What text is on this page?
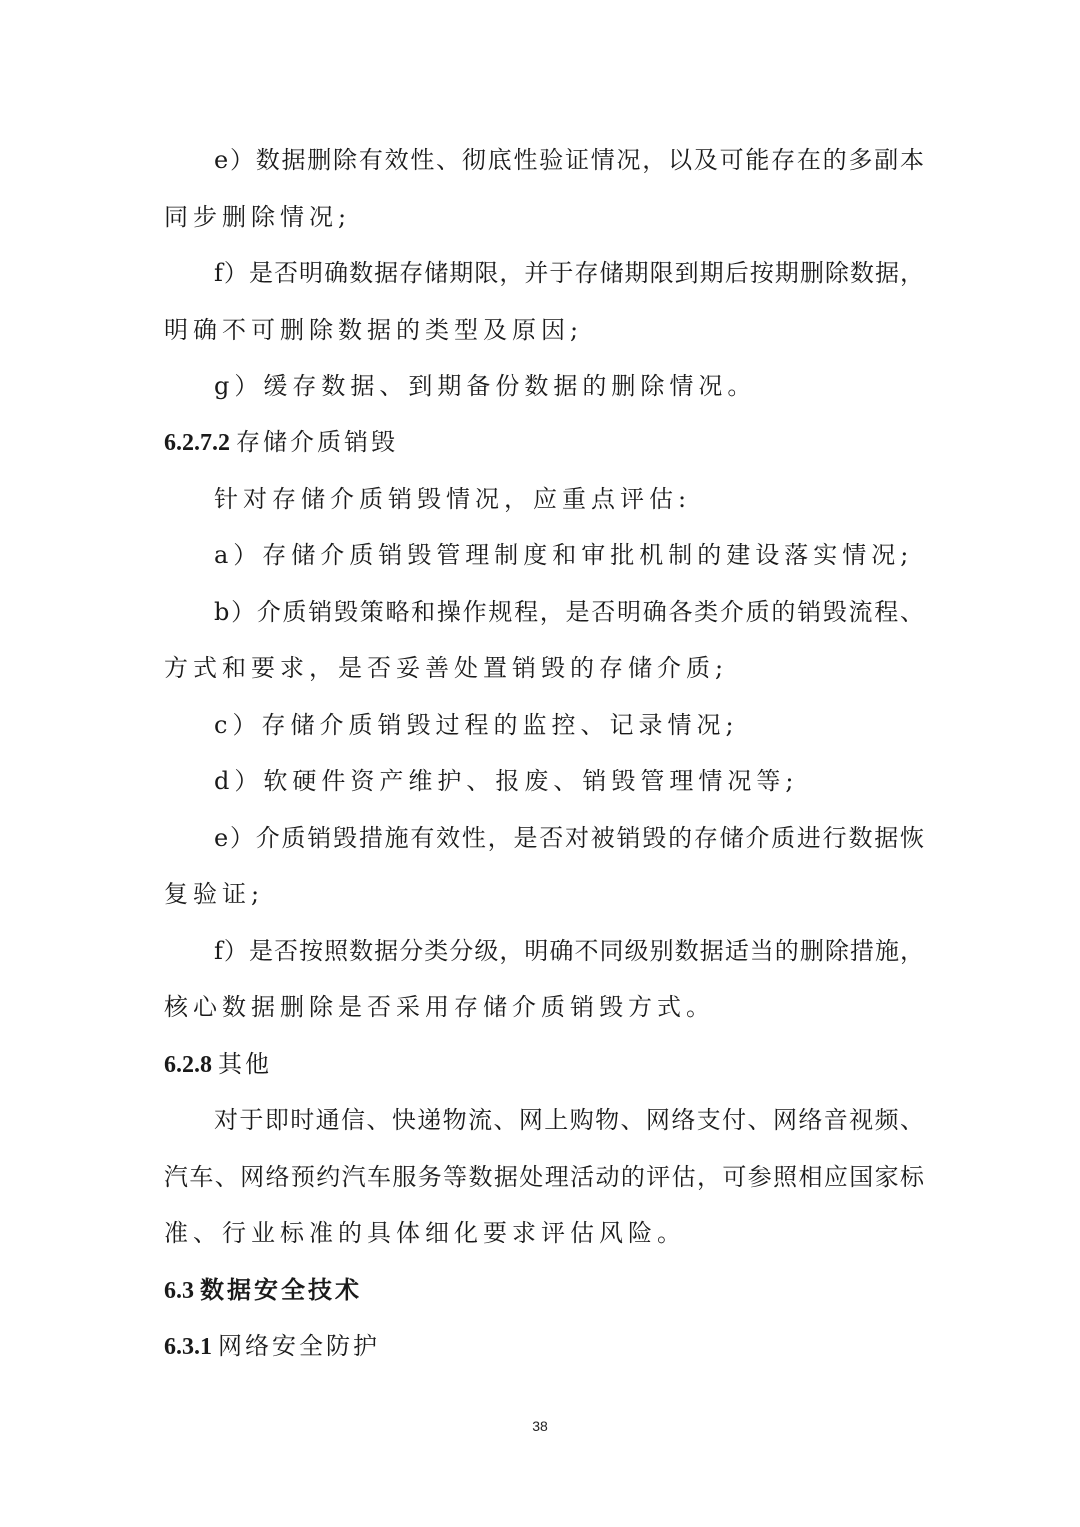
e）数据删除有效性、彻底性验证情况，以及可能存在的多副本
同步删除情况;
f）是否明确数据存储期限，并于存储期限到期后按期删除数据，
明确不可删除数据的类型及原因;
g）缓存数据、到期备份数据的删除情况。
6.2.7.2 存储介质销毁
针对存储介质销毁情况，应重点评估:
a）存储介质销毁管理制度和审批机制的建设落实情况;
b）介质销毁策略和操作规程，是否明确各类介质的销毁流程、
方式和要求，是否妥善处置销毁的存储介质;
c）存储介质销毁过程的监控、记录情况;
d）软硬件资产维护、报废、销毁管理情况等;
e）介质销毁措施有效性，是否对被销毁的存储介质进行数据恢
复验证;
f）是否按照数据分类分级，明确不同级别数据适当的删除措施，
核心数据删除是否采用存储介质销毁方式。
6.2.8 其他
对于即时通信、快递物流、网上购物、网络支付、网络音视频、
汽车、网络预约汽车服务等数据处理活动的评估，可参照相应国家标
准、行业标准的具体细化要求评估风险。
6.3 数据安全技术
6.3.1 网络安全防护
38
